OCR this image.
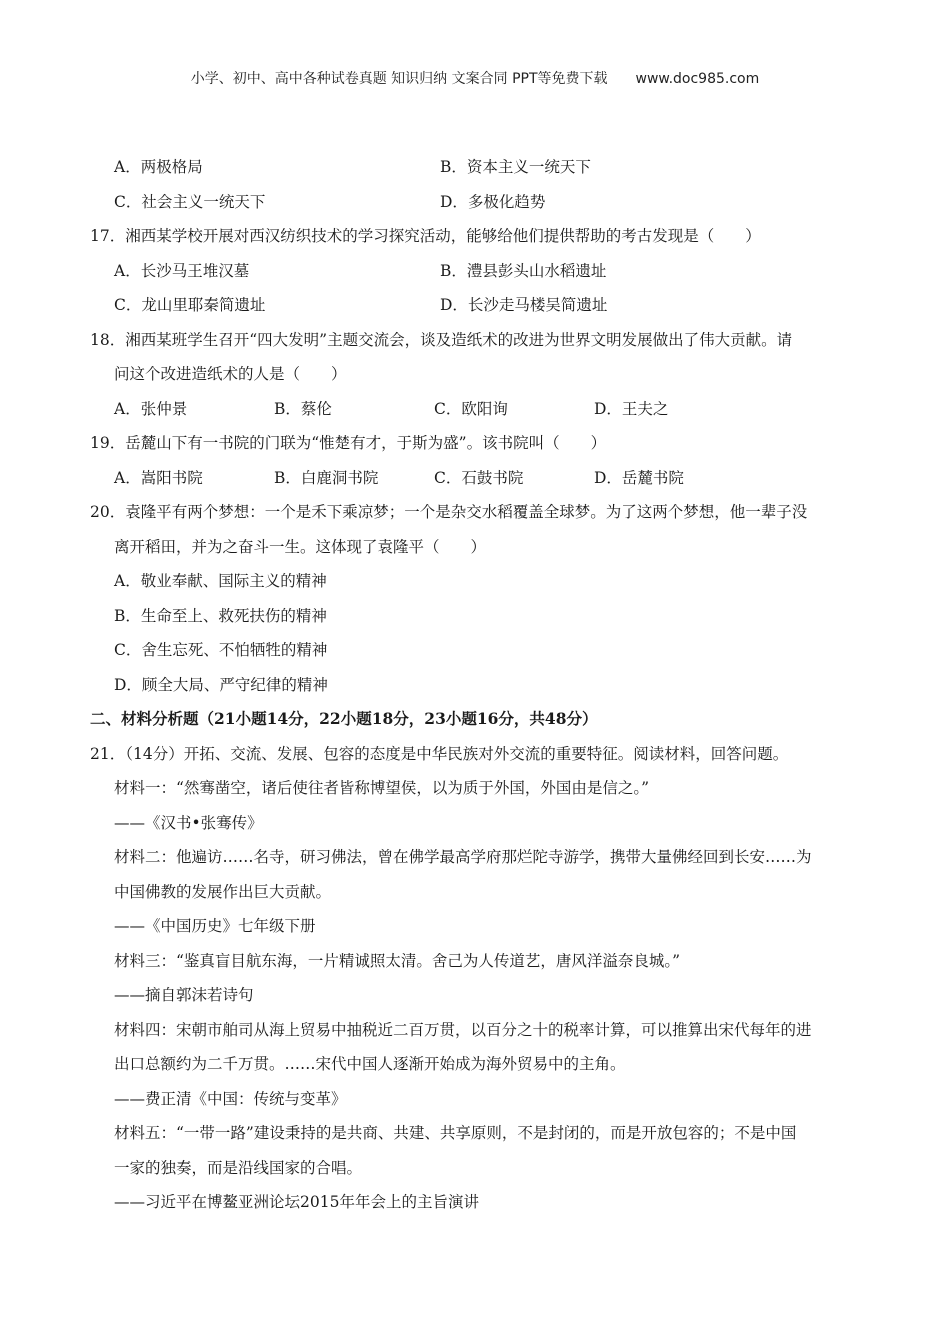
小学、初中、高中各种试卷真题 知识归纳 文案合同 PPT等免费下载 www.doc985.com
A．两极格局	B．资本主义一统天下
C．社会主义一统天下	D．多极化趋势
17．湘西某学校开展对西汉纺织技术的学习探究活动，能够给他们提供帮助的考古发现是（　　）
A．长沙马王堆汉墓	B．澧县彭头山水稻遗址
C．龙山里耶秦简遗址	D．长沙走马楼吴简遗址
18．湘西某班学生召开“四大发明”主题交流会，谈及造纸术的改进为世界文明发展做出了伟大贡献。请
问这个改进造纸术的人是（　　）
A．张仲景	B．蔡伦	C．欧阳询	D．王夫之
19．岳麓山下有一书院的门联为“惟楚有才，于斯为盛”。该书院叫（　　）
A．嵩阳书院	B．白鹿洞书院	C．石鼓书院	D．岳麓书院
20．袁隆平有两个梦想：一个是禾下乘凉梦；一个是杂交水稻覆盖全球梦。为了这两个梦想，他一辈子没
离开稻田，并为之奋斗一生。这体现了袁隆平（　　）
A．敬业奉献、国际主义的精神
B．生命至上、救死扶伤的精神
C．舍生忘死、不怕牺牲的精神
D．顾全大局、严守纪律的精神
二、材料分析题（21小题14分，22小题18分，23小题16分，共48分）
21．（14分）开拓、交流、发展、包容的态度是中华民族对外交流的重要特征。阅读材料，回答问题。
材料一：“然骞凿空，诸后使往者皆称博望侯，以为质于外国，外国由是信之。”
——《汉书•张骞传》
材料二：他遍访……名寺，研习佛法，曾在佛学最高学府那烂陀寺游学，携带大量佛经回到长安……为
中国佛教的发展作出巨大贡献。
——《中国历史》七年级下册
材料三：“鉴真盲目航东海，一片精诚照太清。舍己为人传道艺，唐风洋溢奈良城。”
——摘自郭沫若诗句
材料四：宋朝市舶司从海上贸易中抽税近二百万贯，以百分之十的税率计算，可以推算出宋代每年的进
出口总额约为二千万贯。……宋代中国人逐渐开始成为海外贸易中的主角。
——费正清《中国：传统与变革》
材料五：“一带一路”建设秉持的是共商、共建、共享原则，不是封闭的，而是开放包容的；不是中国
一家的独奏，而是沿线国家的合唱。
——习近平在博鳌亚洲论坛2015年年会上的主旨演讲
